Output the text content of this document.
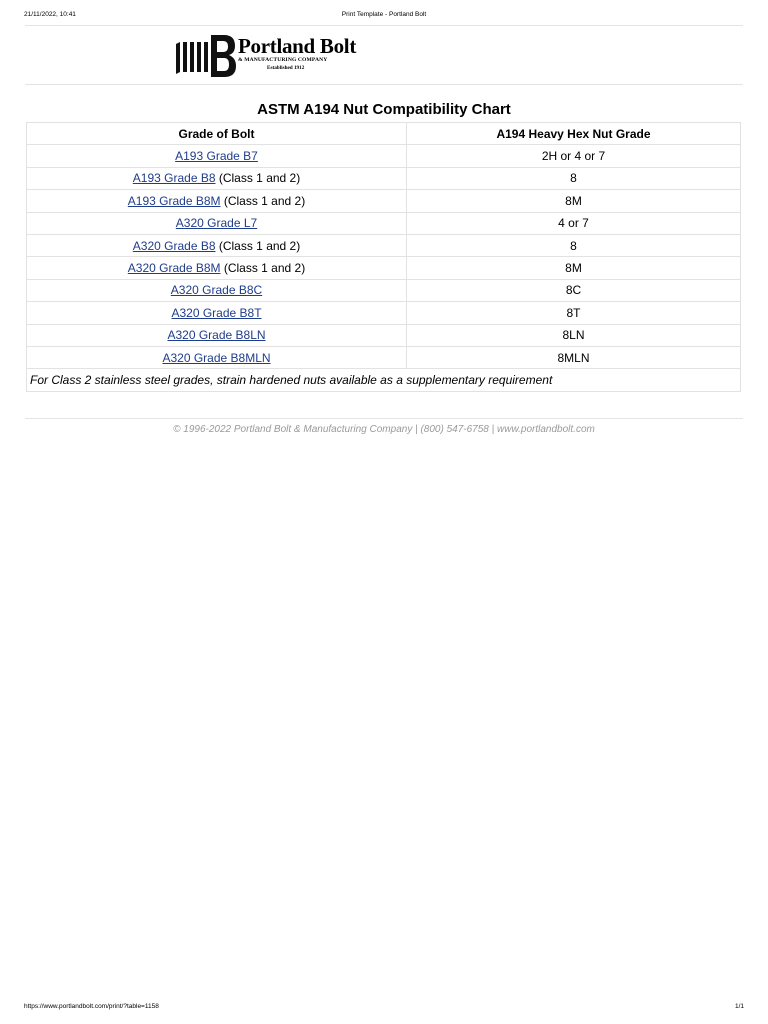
21/11/2022, 10:41	Print Template - Portland Bolt
Portland Bolt
& MANUFACTURING COMPANY
Established 1912
ASTM A194 Nut Compatibility Chart
Grade of Bolt	A194 Heavy Hex Nut Grade
A193 Grade B7	2H or 4 or 7
A193 Grade B8 (Class 1 and 2)	8
A193 Grade B8M (Class 1 and 2)	8M
A320 Grade L7	4 or 7
A320 Grade B8 (Class 1 and 2)	8
A320 Grade B8M (Class 1 and 2)	8M
A320 Grade B8C	8C
A320 Grade B8T	8T
A320 Grade B8LN	8LN
A320 Grade B8MLN	8MLN
For Class 2 stainless steel grades, strain hardened nuts available as a supplementary requirement	
© 1996-2022 Portland Bolt & Manufacturing Company | (800) 547-6758 | www.portlandbolt.com
https://www.portlandbolt.com/print/?table=1158	1/1
